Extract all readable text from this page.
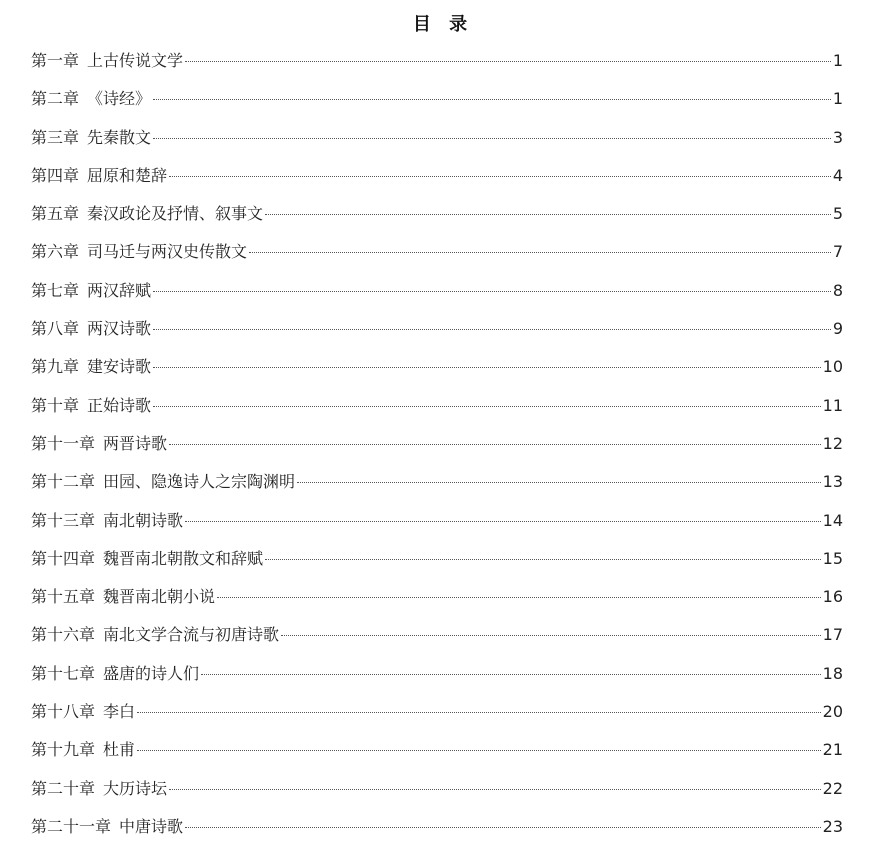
目 录
第一章 上古传说文学	1
第二章 《诗经》	1
第三章 先秦散文	3
第四章 屈原和楚辞	4
第五章 秦汉政论及抒情、叙事文	5
第六章 司马迁与两汉史传散文	7
第七章 两汉辞赋	8
第八章 两汉诗歌	9
第九章 建安诗歌	10
第十章 正始诗歌	11
第十一章 两晋诗歌	12
第十二章 田园、隐逸诗人之宗陶渊明	13
第十三章 南北朝诗歌	14
第十四章 魏晋南北朝散文和辞赋	15
第十五章 魏晋南北朝小说	16
第十六章 南北文学合流与初唐诗歌	17
第十七章 盛唐的诗人们	18
第十八章 李白	20
第十九章 杜甫	21
第二十章 大历诗坛	22
第二十一章 中唐诗歌	23
